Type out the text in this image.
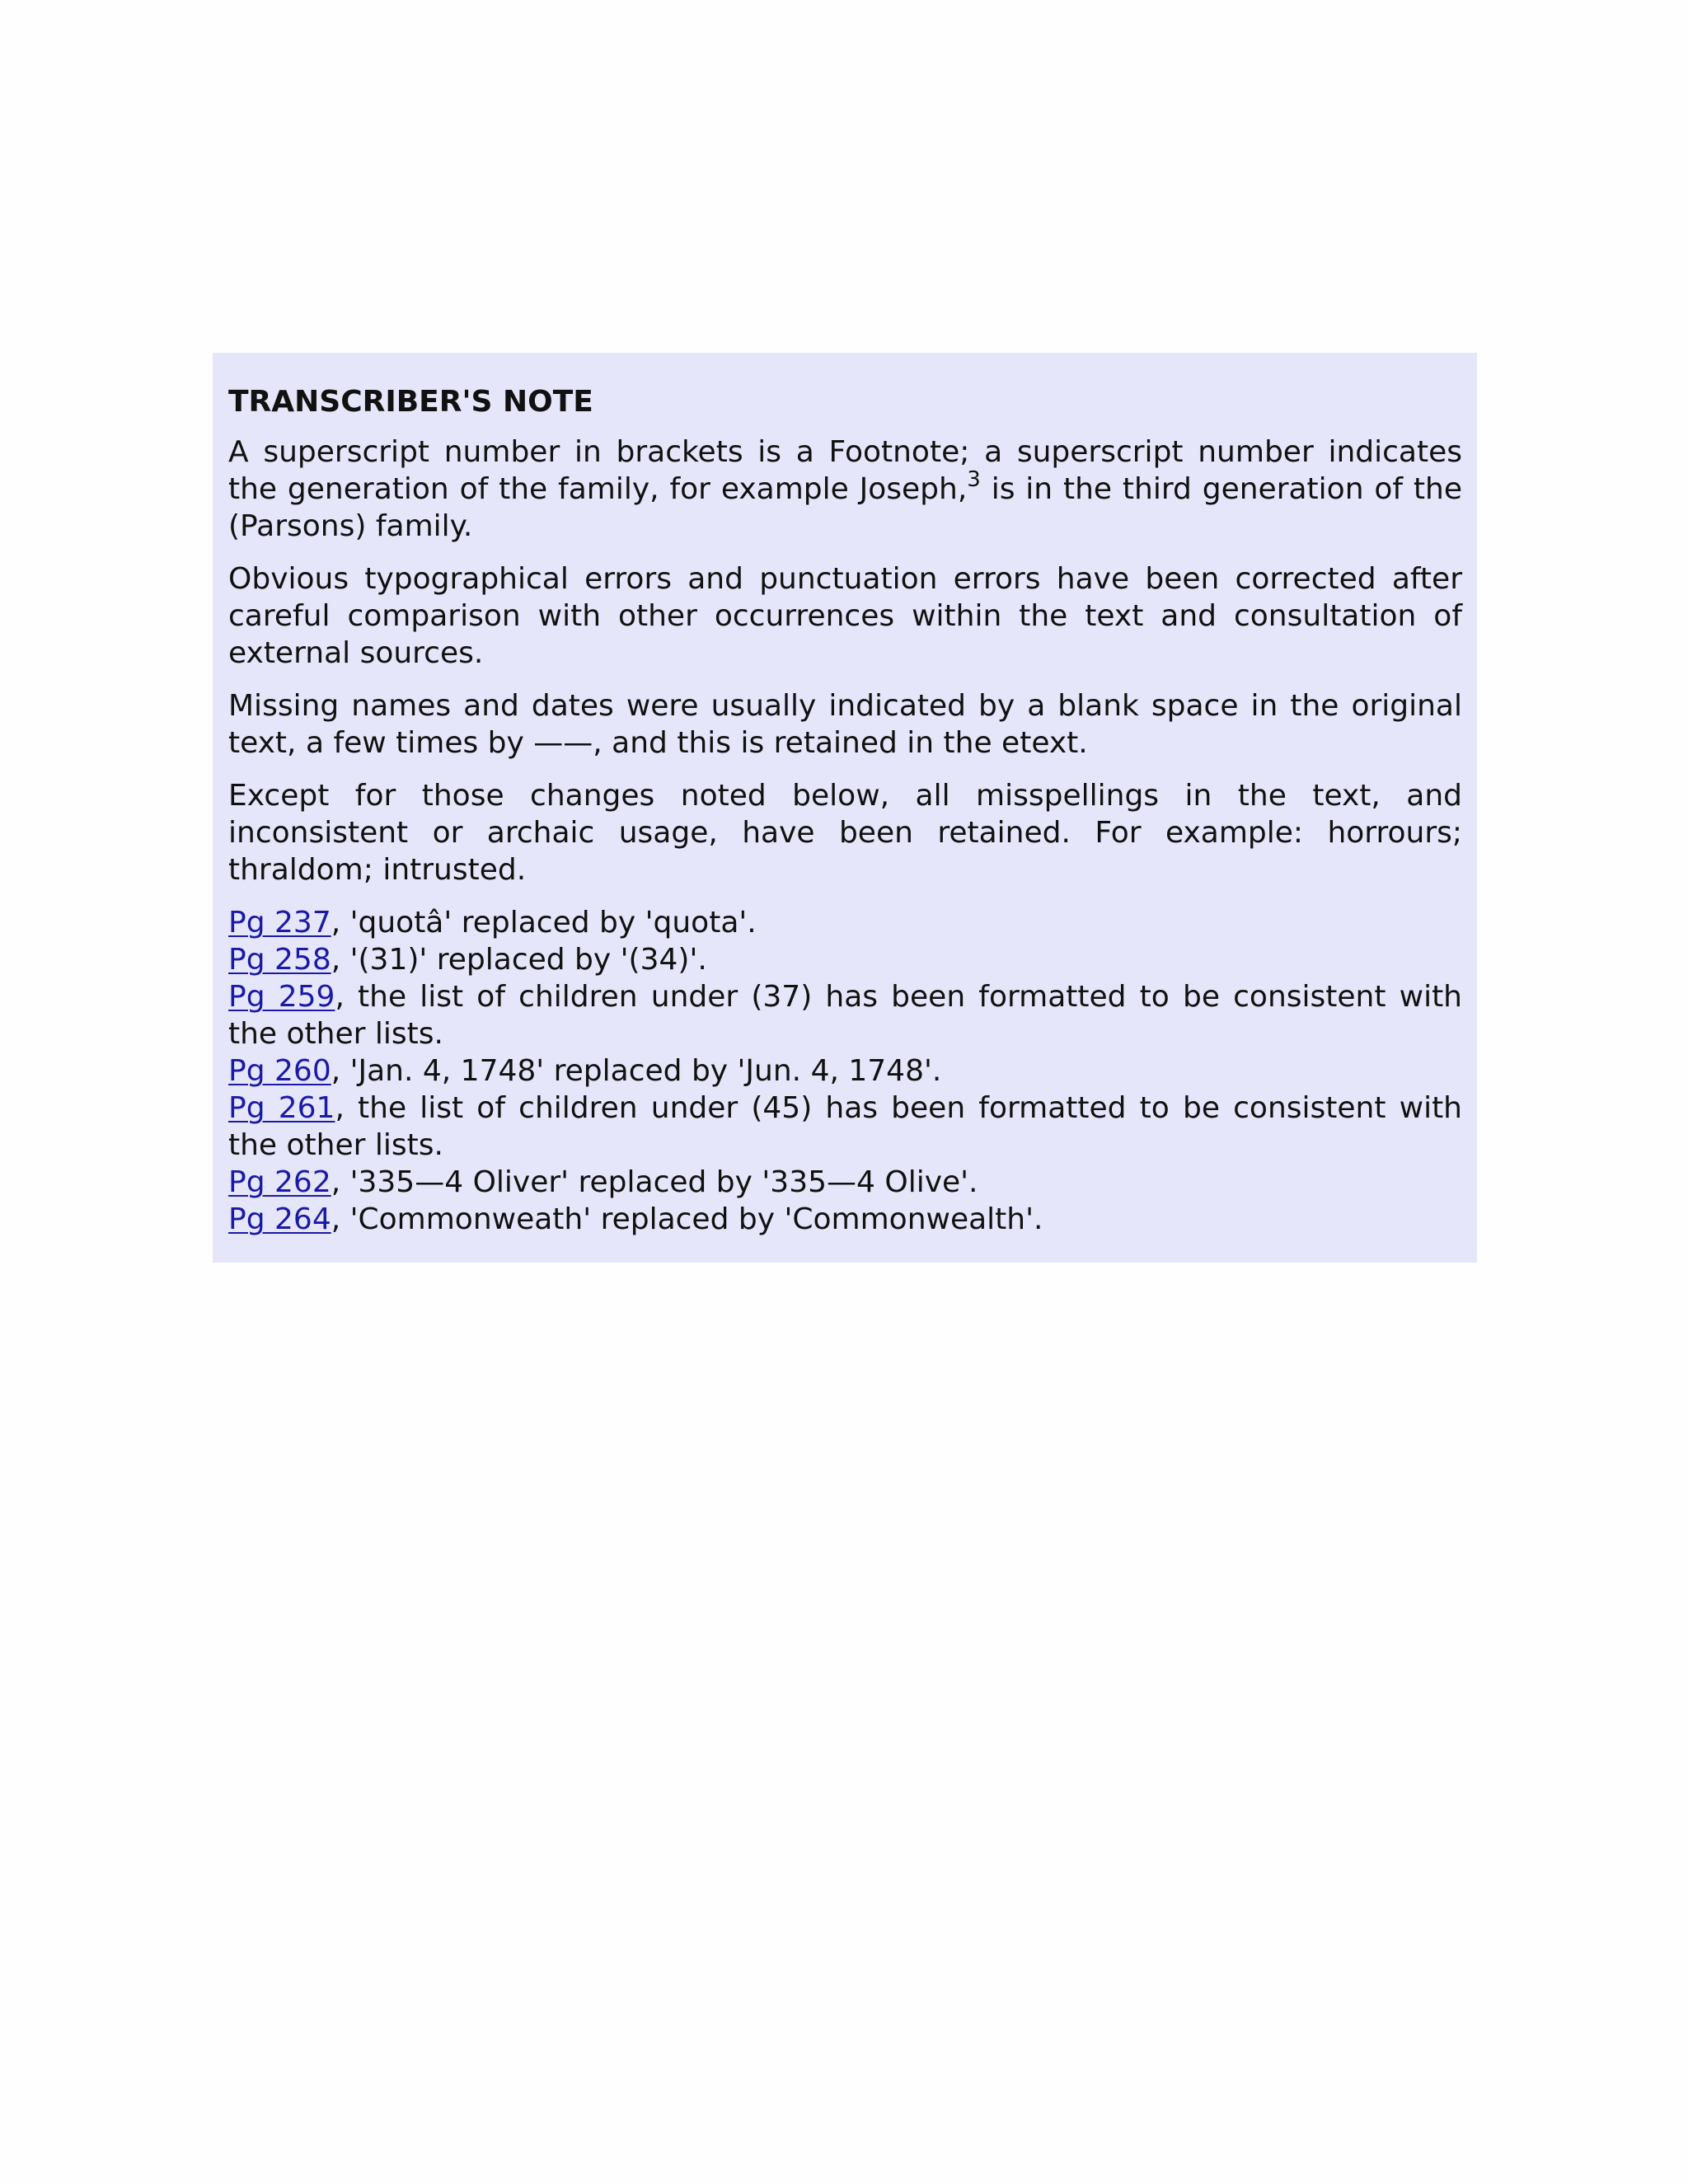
TRANSCRIBER'S NOTE

A superscript number in brackets is a Footnote; a superscript number indicates the generation of the family, for example Joseph,$^3$ is in the third generation of the (Parsons) family.

Obvious typographical errors and punctuation errors have been corrected after careful comparison with other occurrences within the text and consultation of external sources.

Missing names and dates were usually indicated by a blank space in the original text, a few times by ——, and this is retained in the etext.

Except for those changes noted below, all misspellings in the text, and inconsistent or archaic usage, have been retained. For example: horrours; thraldom; intrusted.

Pg 237, 'quotâ' replaced by 'quota'.
Pg 258, '(31)' replaced by '(34)'.
Pg 259, the list of children under (37) has been formatted to be consistent with the other lists.
Pg 260, 'Jan. 4, 1748' replaced by 'Jun. 4, 1748'.
Pg 261, the list of children under (45) has been formatted to be consistent with the other lists.
Pg 262, '335—4 Oliver' replaced by '335—4 Olive'.
Pg 264, 'Commonweath' replaced by 'Commonwealth'.
